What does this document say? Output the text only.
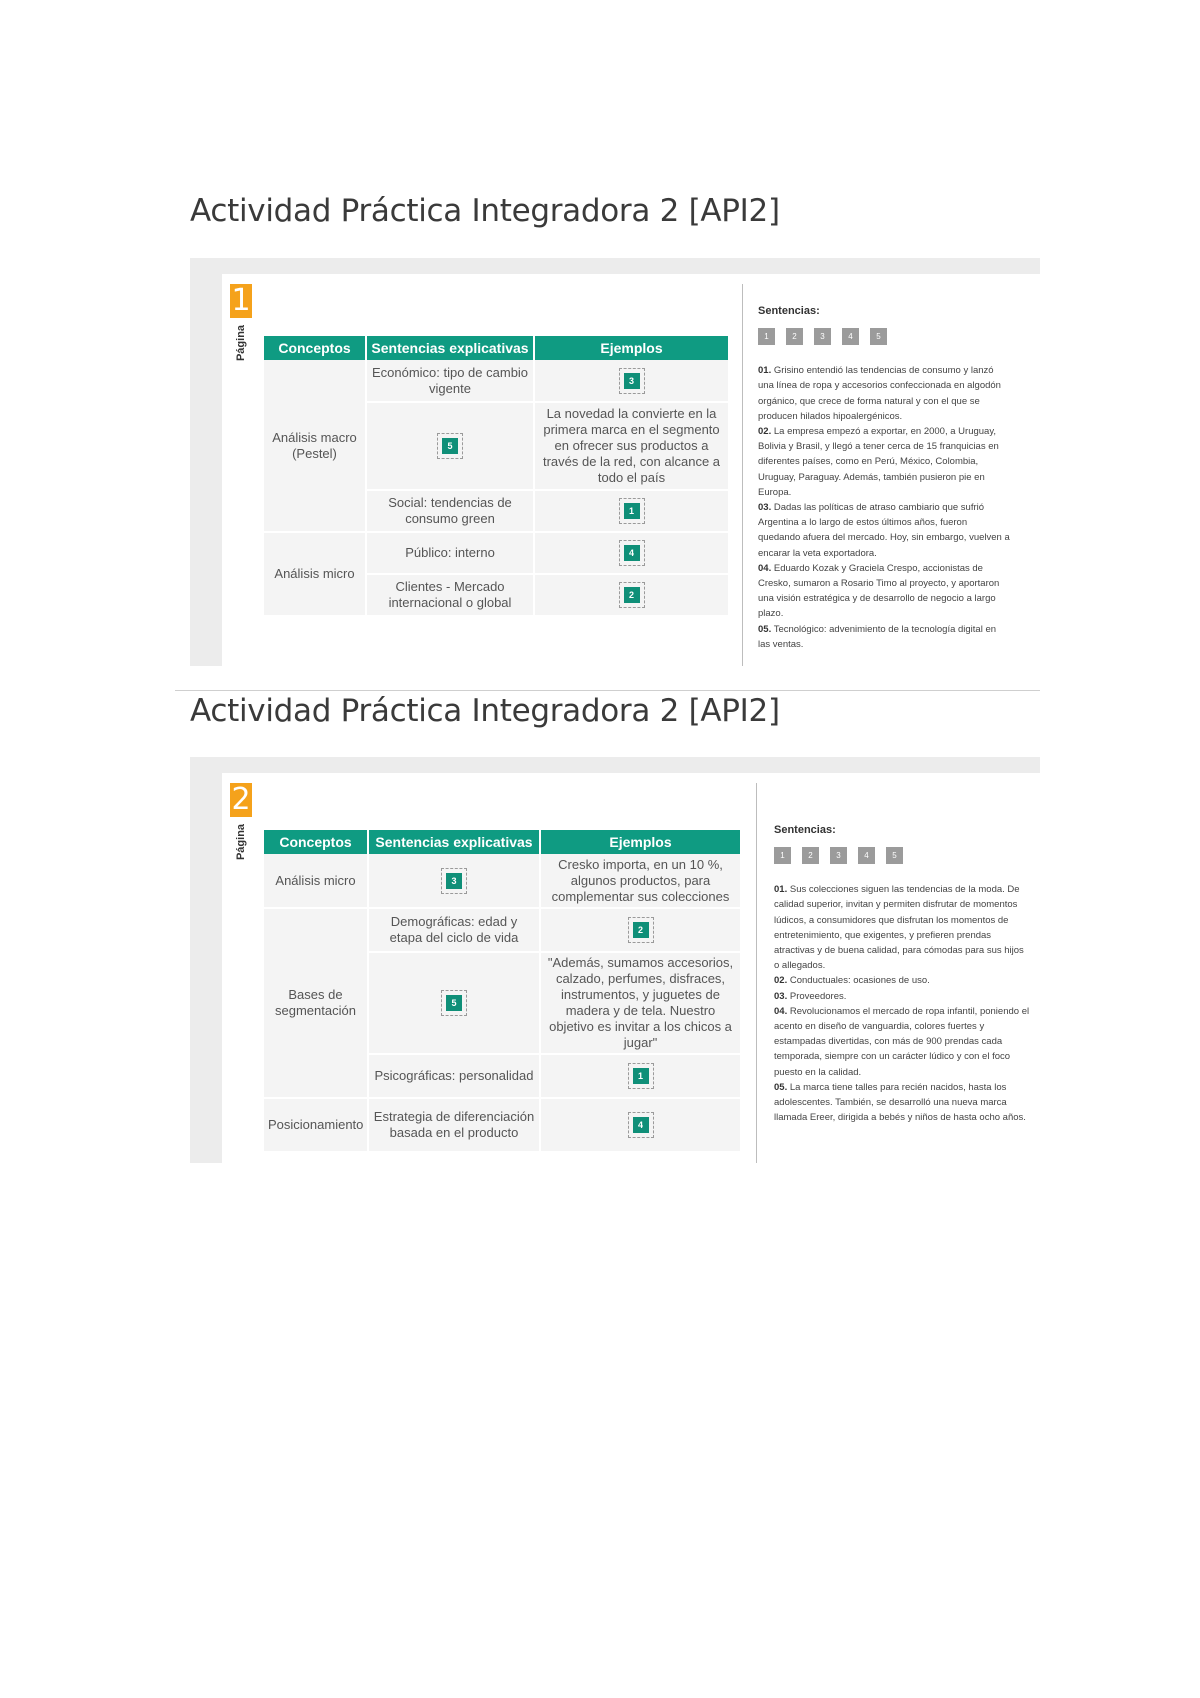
Actividad Práctica Integradora 2 [API2]
1
Página Conceptos	Sentencias explicativas	Ejemplos
Análisis macro (Pestel)	Económico: tipo de cambio vigente	3
	5	La novedad la convierte en la primera marca en el segmento en ofrecer sus productos a través de la red, con alcance a todo el país
	Social: tendencias de consumo green	1
Análisis micro	Público: interno	4
	Clientes - Mercado internacional o global	2
Sentencias:
1	2	3	4	5

01. Grisino entendió las tendencias de consumo y lanzó una línea de ropa y accesorios confeccionada en algodón orgánico, que crece de forma natural y con el que se producen hilados hipoalergénicos.

02. La empresa empezó a exportar, en 2000, a Uruguay, Bolivia y Brasil, y llegó a tener cerca de 15 franquicias en diferentes países, como en Perú, México, Colombia, Uruguay, Paraguay. Además, también pusieron pie en Europa.

03. Dadas las políticas de atraso cambiario que sufrió Argentina a lo largo de estos últimos años, fueron quedando afuera del mercado. Hoy, sin embargo, vuelven a encarar la veta exportadora.

04. Eduardo Kozak y Graciela Crespo, accionistas de Cresko, sumaron a Rosario Timo al proyecto, y aportaron una visión estratégica y de desarrollo de negocio a largo plazo.

05. Tecnológico: advenimiento de la tecnología digital en las ventas.

Actividad Práctica Integradora 2 [API2]
2
Página Conceptos	Sentencias explicativas	Ejemplos
Análisis micro	3	Cresko importa, en un 10 %, algunos productos, para complementar sus colecciones
Bases de segmentación	Demográficas: edad y etapa del ciclo de vida	2
	5	"Además, sumamos accesorios, calzado, perfumes, disfraces, instrumentos, y juguetes de madera y de tela. Nuestro objetivo es invitar a los chicos a jugar"
	Psicográficas: personalidad	1
Posicionamiento	Estrategia de diferenciación basada en el producto	4
Sentencias:
1	2	3	4	5

01. Sus colecciones siguen las tendencias de la moda. De calidad superior, invitan y permiten disfrutar de momentos lúdicos, a consumidores que disfrutan los momentos de entretenimiento, que exigentes, y prefieren prendas atractivas y de buena calidad, para cómodas para sus hijos o allegados.

02. Conductuales: ocasiones de uso.

03. Proveedores.

04. Revolucionamos el mercado de ropa infantil, poniendo el acento en diseño de vanguardia, colores fuertes y estampadas divertidas, con más de 900 prendas cada temporada, siempre con un carácter lúdico y con el foco puesto en la calidad.

05. La marca tiene talles para recién nacidos, hasta los adolescentes. También, se desarrolló una nueva marca llamada Ereer, dirigida a bebés y niños de hasta ocho años.
